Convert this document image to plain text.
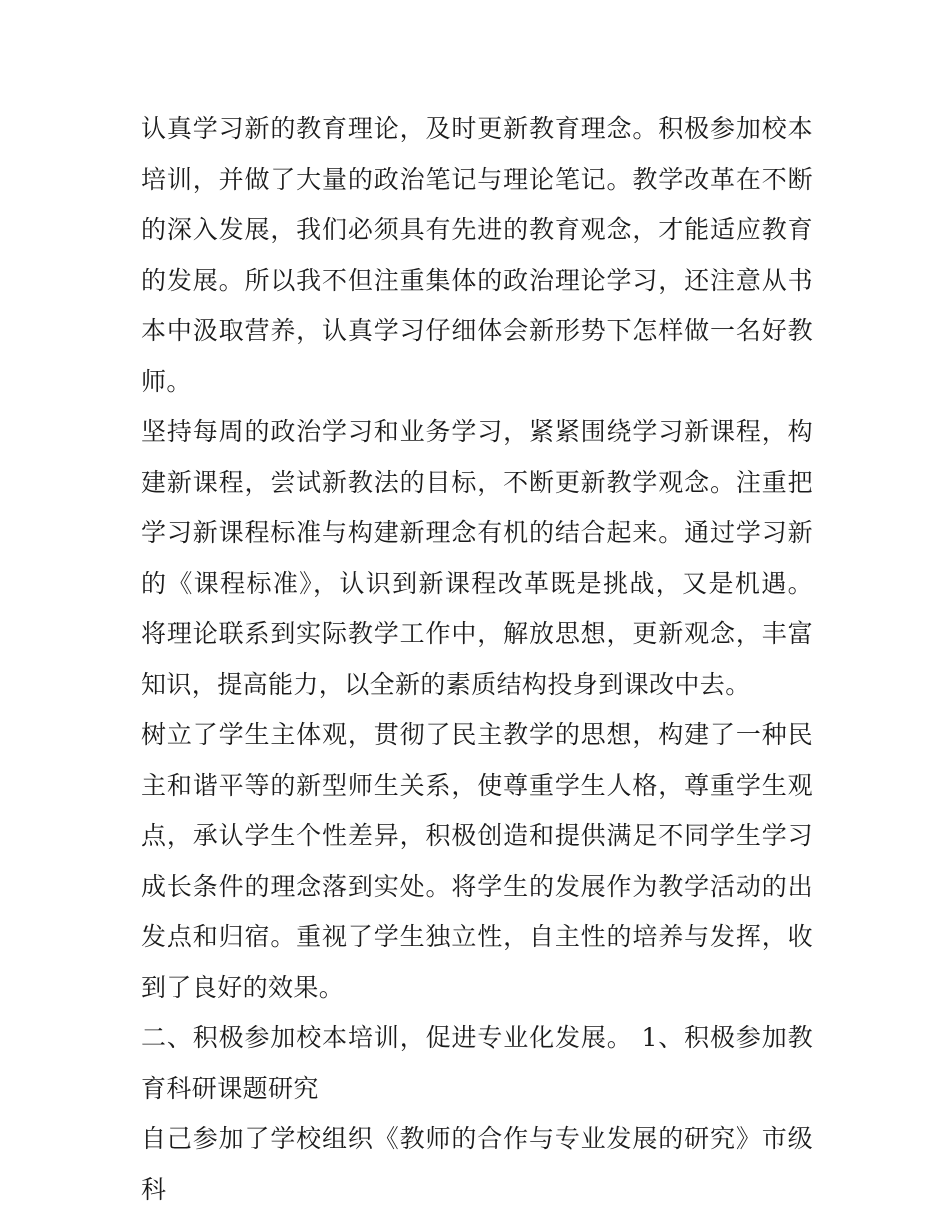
认真学习新的教育理论，及时更新教育理念。积极参加校本培训，并做了大量的政治笔记与理论笔记。教学改革在不断的深入发展，我们必须具有先进的教育观念，才能适应教育的发展。所以我不但注重集体的政治理论学习，还注意从书本中汲取营养，认真学习仔细体会新形势下怎样做一名好教师。

坚持每周的政治学习和业务学习，紧紧围绕学习新课程，构建新课程，尝试新教法的目标，不断更新教学观念。注重把学习新课程标准与构建新理念有机的结合起来。通过学习新的《课程标准》，认识到新课程改革既是挑战，又是机遇。将理论联系到实际教学工作中，解放思想，更新观念，丰富知识，提高能力，以全新的素质结构投身到课改中去。

树立了学生主体观，贯彻了民主教学的思想，构建了一种民主和谐平等的新型师生关系，使尊重学生人格，尊重学生观点，承认学生个性差异，积极创造和提供满足不同学生学习成长条件的理念落到实处。将学生的发展作为教学活动的出发点和归宿。重视了学生独立性，自主性的培养与发挥，收到了良好的效果。

二、积极参加校本培训，促进专业化发展。 1、积极参加教育科研课题研究

自己参加了学校组织《教师的合作与专业发展的研究》市级科
